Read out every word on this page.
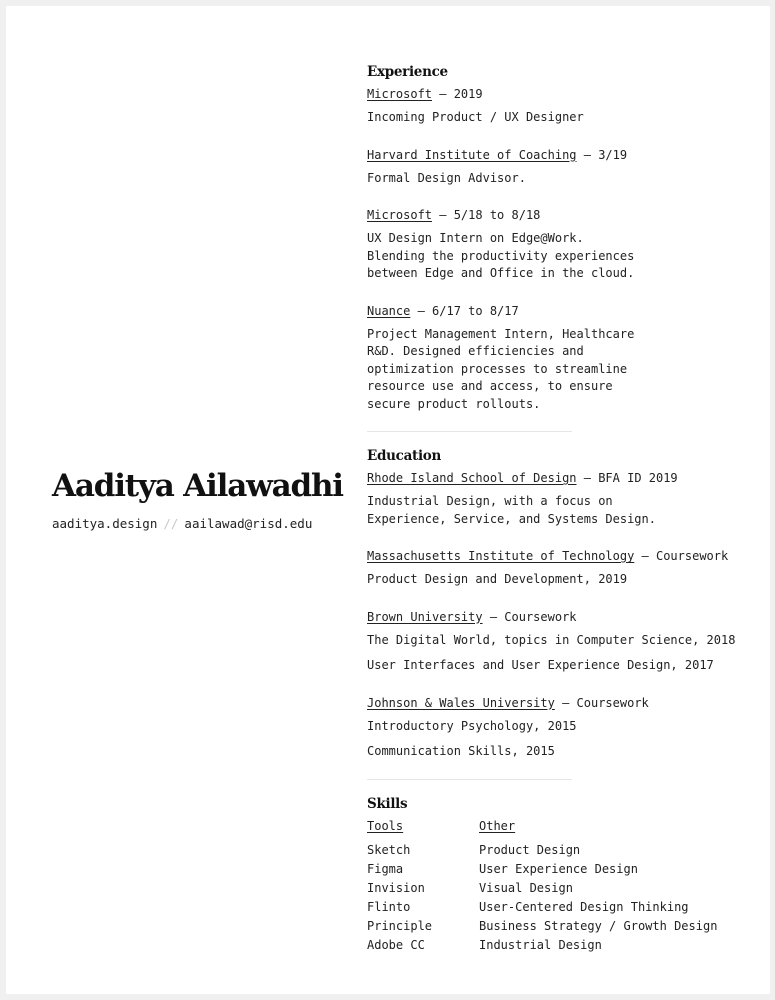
Aaditya Ailawadhi
aaditya.design // aailawad@risd.edu
Experience
Microsoft – 2019
Incoming Product / UX Designer
Harvard Institute of Coaching – 3/19
Formal Design Advisor.
Microsoft – 5/18 to 8/18
UX Design Intern on Edge@Work.
Blending the productivity experiences
between Edge and Office in the cloud.
Nuance – 6/17 to 8/17
Project Management Intern, Healthcare
R&D. Designed efficiencies and
optimization processes to streamline
resource use and access, to ensure
secure product rollouts.
Education
Rhode Island School of Design – BFA ID 2019
Industrial Design, with a focus on
Experience, Service, and Systems Design.
Massachusetts Institute of Technology – Coursework
Product Design and Development, 2019
Brown University – Coursework
The Digital World, topics in Computer Science, 2018
User Interfaces and User Experience Design, 2017
Johnson & Wales University – Coursework
Introductory Psychology, 2015
Communication Skills, 2015
Skills
Tools
Sketch
Figma
Invision
Flinto
Principle
Adobe CC
Other
Product Design
User Experience Design
Visual Design
User-Centered Design Thinking
Business Strategy / Growth Design
Industrial Design
